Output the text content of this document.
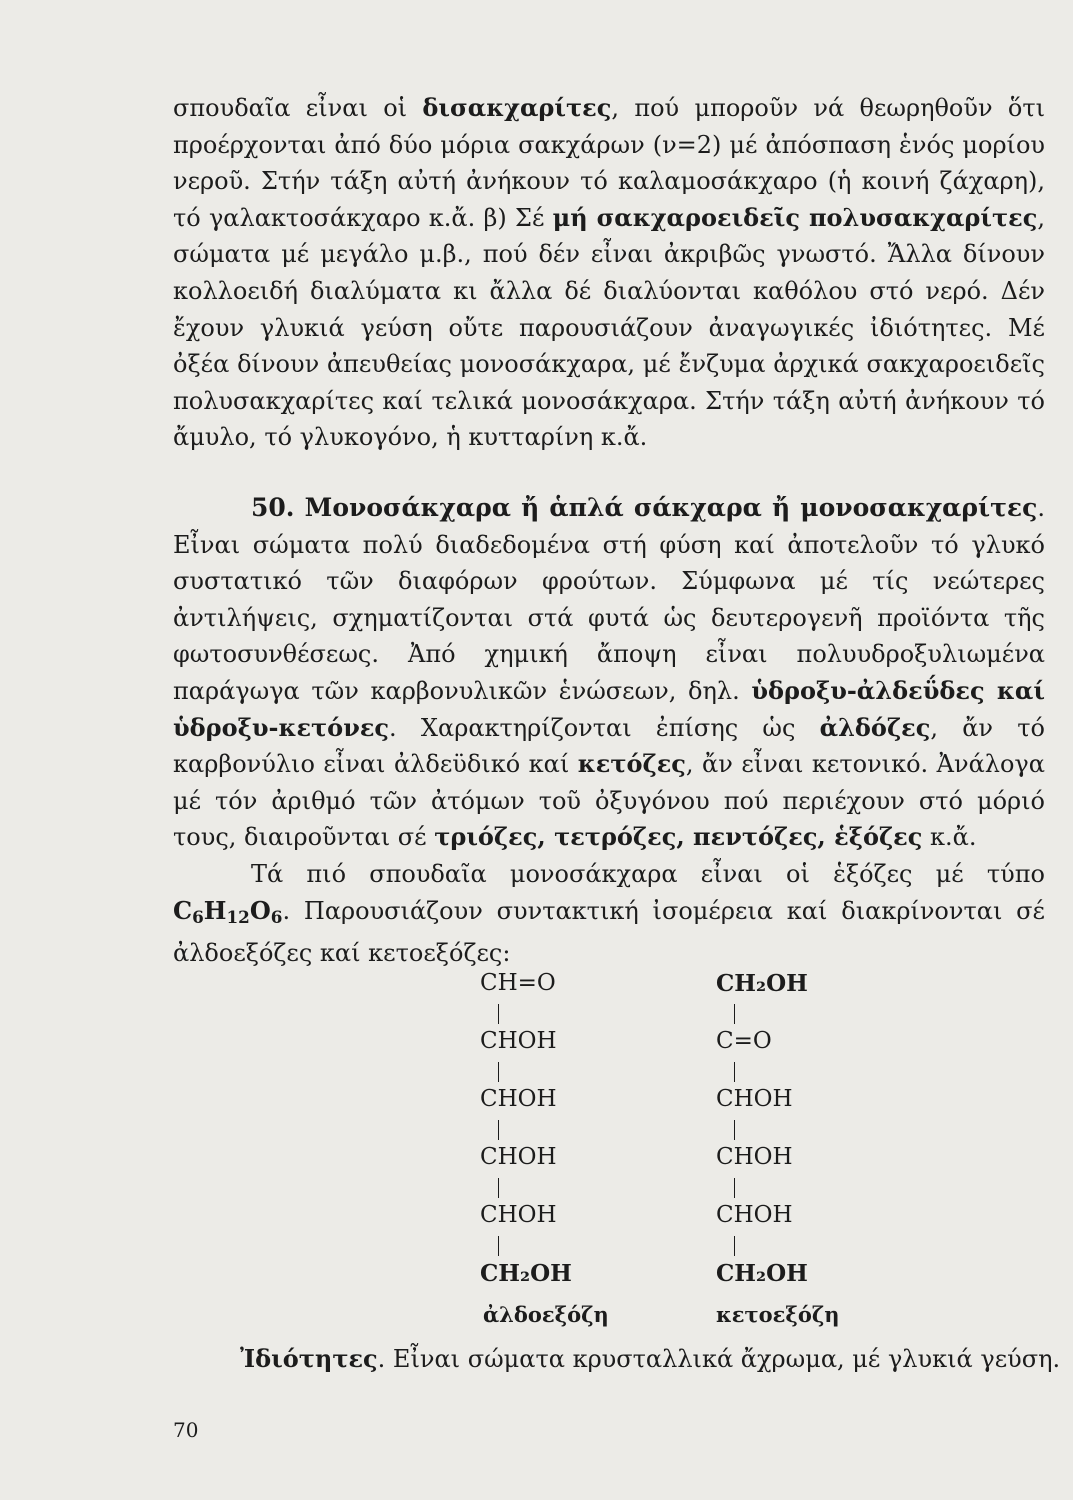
σπουδαῖα εἶναι οἱ δισακχαρίτες, πού μποροῦν νά θεωρηθοῦν ὅτι προέρχονται ἀπό δύο μόρια σακχάρων (ν=2) μέ ἀπόσπαση ἑνός μορίου νεροῦ. Στήν τάξη αὐτή ἀνήκουν τό καλαμοσάκχαρο (ἡ κοινή ζάχαρη), τό γαλακτοσάκχαρο κ.ἄ. β) Σέ μή σακχαροειδεῖς πολυσακχαρίτες, σώματα μέ μεγάλο μ.β., πού δέν εἶναι ἀκριβῶς γνωστό. Ἄλλα δίνουν κολλοειδή διαλύματα κι ἄλλα δέ διαλύονται καθόλου στό νερό. Δέν ἔχουν γλυκιά γεύση οὔτε παρουσιάζουν ἀναγωγικές ἰδιότητες. Μέ ὀξέα δίνουν ἀπευθείας μονοσάκχαρα, μέ ἔνζυμα ἀρχικά σακχαροειδεῖς πολυσακχαρίτες καί τελικά μονοσάκχαρα. Στήν τάξη αὐτή ἀνήκουν τό ἄμυλο, τό γλυκογόνο, ἡ κυτταρίνη κ.ἄ.

50. Μονοσάκχαρα ἤ ἁπλά σάκχαρα ἤ μονοσακχαρίτες. Εἶναι σώματα πολύ διαδεδομένα στή φύση καί ἀποτελοῦν τό γλυκό συστατικό τῶν διαφόρων φρούτων. Σύμφωνα μέ τίς νεώτερες ἀντιλήψεις, σχηματίζονται στά φυτά ὡς δευτερογενῆ προϊόντα τῆς φωτοσυνθέσεως. Ἀπό χημική ἄποψη εἶναι πολυυδροξυλιωμένα παράγωγα τῶν καρβονυλικῶν ἑνώσεων, δηλ. ὑδροξυ-ἀλδεΰδες καί ὑδροξυ-κετόνες. Χαρακτηρίζονται ἐπίσης ὡς ἀλδόζες, ἄν τό καρβονύλιο εἶναι ἀλδεϋδικό καί κετόζες, ἄν εἶναι κετονικό. Ἀνάλογα μέ τόν ἀριθμό τῶν ἀτόμων τοῦ ὀξυγόνου πού περιέχουν στό μόριό τους, διαιροῦνται σέ τριόζες, τετρόζες, πεντόζες, ἑξόζες κ.ἄ.

Τά πιό σπουδαῖα μονοσάκχαρα εἶναι οἱ ἑξόζες μέ τύπο $C_6H_{12}O_6$. Παρουσιάζουν συντακτική ἰσομέρεια καί διακρίνονται σέ ἀλδοεξόζες καί κετοεξόζες:

CH=O
CHOH
CHOH
CHOH
CHOH
CH₂OH
ἀλδοεξόζη
CH₂OH
C=O
CHOH
CHOH
CHOH
CH₂OH
κετοεξόζη
Ἰδιότητες. Εἶναι σώματα κρυσταλλικά ἄχρωμα, μέ γλυκιά γεύση.
70
